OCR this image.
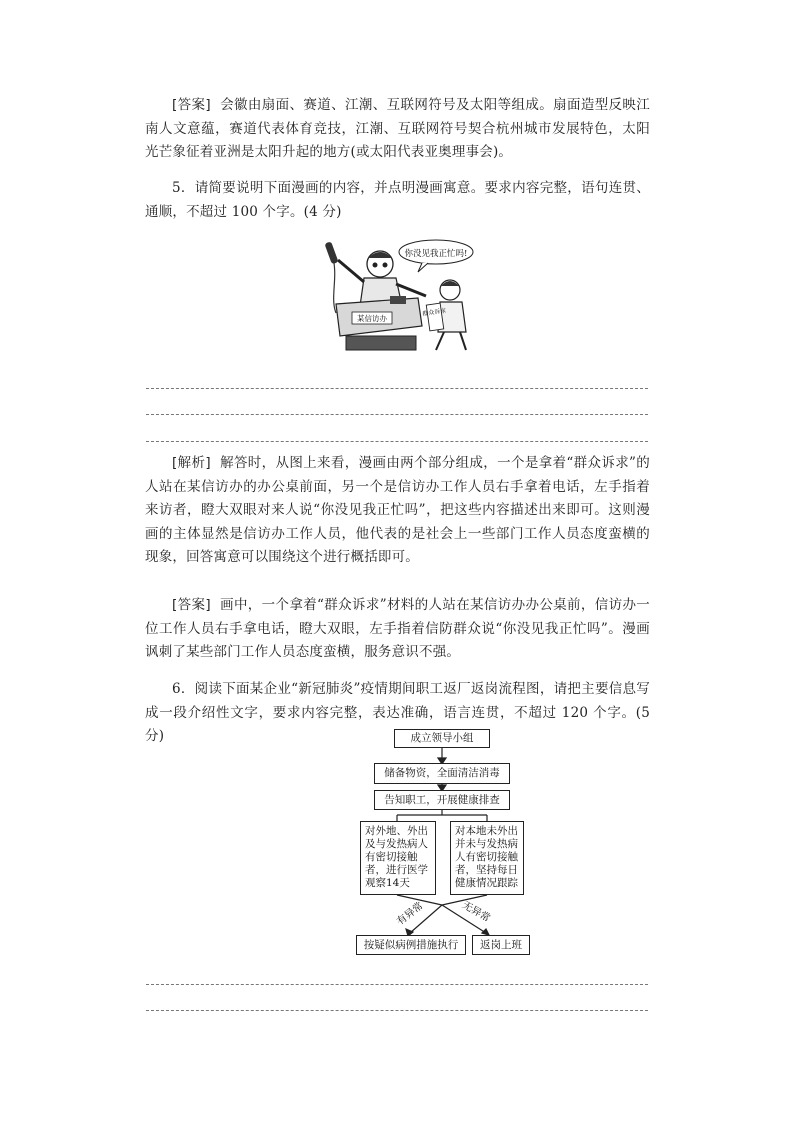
[答案] 会徽由扇面、赛道、江潮、互联网符号及太阳等组成。扇面造型反映江南人文意蕴，赛道代表体育竞技，江潮、互联网符号契合杭州城市发展特色，太阳光芒象征着亚洲是太阳升起的地方(或太阳代表亚奥理事会)。

5．请简要说明下面漫画的内容，并点明漫画寓意。要求内容完整，语句连贯、通顺，不超过 100 个字。(4 分)

你没见我正忙吗!
某信访办
群众诉求

[解析] 解答时，从图上来看，漫画由两个部分组成，一个是拿着“群众诉求”的人站在某信访办的办公桌前面，另一个是信访办工作人员右手拿着电话，左手指着来访者，瞪大双眼对来人说“你没见我正忙吗”，把这些内容描述出来即可。这则漫画的主体显然是信访办工作人员，他代表的是社会上一些部门工作人员态度蛮横的现象，回答寓意可以围绕这个进行概括即可。

[答案] 画中，一个拿着“群众诉求”材料的人站在某信访办办公桌前，信访办一位工作人员右手拿电话，瞪大双眼，左手指着信防群众说“你没见我正忙吗”。漫画讽刺了某些部门工作人员态度蛮横，服务意识不强。

6．阅读下面某企业“新冠肺炎”疫情期间职工返厂返岗流程图，请把主要信息写成一段介绍性文字，要求内容完整，表达准确，语言连贯，不超过 120 个字。(5 分)	成立领导小组
储备物资，全面清洁消毒
告知职工，开展健康排查
对外地、外出及与发热病人有密切接触者，进行医学观察14天
对本地未外出并未与发热病人有密切接触者，坚持每日健康情况跟踪
有异常	无异常
按疑似病例措施执行	返岗上班
